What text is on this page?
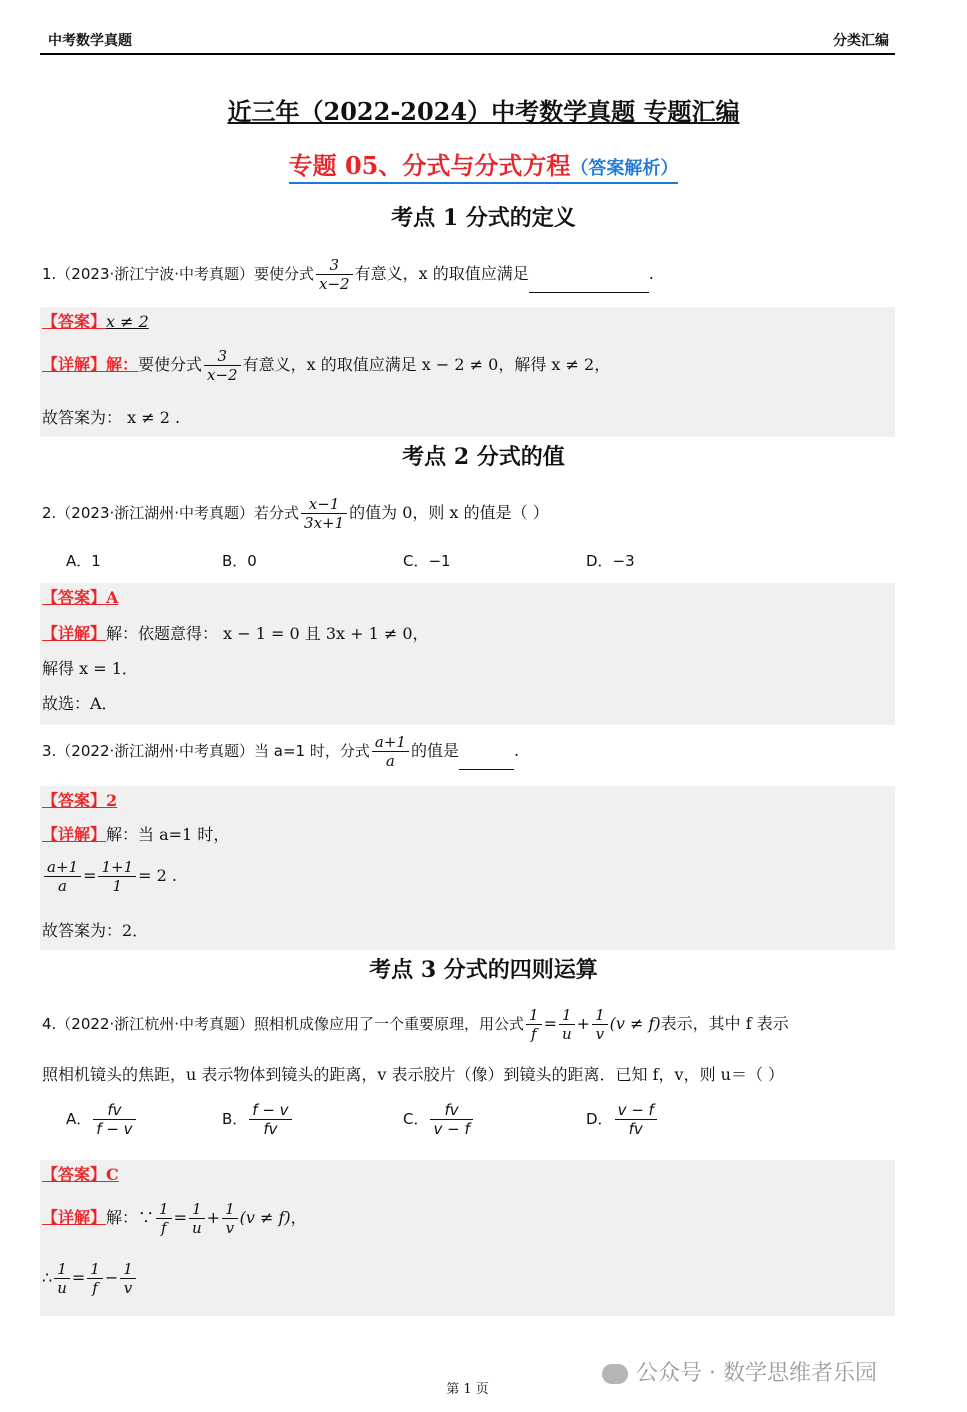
中考数学真题	分类汇编
近三年（2022-2024）中考数学真题 专题汇编
专题 05、分式与分式方程（答案解析）
考点 1 分式的定义
1.（2023·浙江宁波·中考真题）要使分式 $\frac{3}{x-2}$ 有意义，x 的取值应满足	.
【答案】x ≠ 2
【详解】解：要使分式 $\frac{3}{x-2}$ 有意义，x 的取值应满足 x − 2 ≠ 0，解得 x ≠ 2，
故答案为： x ≠ 2 .
考点 2 分式的值
2.（2023·浙江湖州·中考真题）若分式 $\frac{x-1}{3x+1}$ 的值为 0，则 x 的值是（ ）
A．1	B．0	C．−1	D．−3
【答案】A
【详解】解：依题意得： x − 1 = 0 且 3x + 1 ≠ 0，
解得 x = 1．
故选：A．
3.（2022·浙江湖州·中考真题）当 a=1 时，分式 $\frac{a+1}{a}$ 的值是	.
【答案】2
【详解】解：当 a=1 时，
$\frac{a+1}{a} = \frac{1+1}{1} = 2$ .
故答案为：2．
考点 3 分式的四则运算
4.（2022·浙江杭州·中考真题）照相机成像应用了一个重要原理，用公式 $\frac{1}{f} = \frac{1}{u} + \frac{1}{v} (v \ne f)$表示，其中 f 表示
照相机镜头的焦距，u 表示物体到镜头的距离，v 表示胶片（像）到镜头的距离．已知 f，v，则 u＝（ ）
A． $\frac{fv}{f - v}$	B． $\frac{f - v}{fv}$	C． $\frac{fv}{v - f}$	D． $\frac{v - f}{fv}$
【答案】C
【详解】解：∵ $\frac{1}{f} = \frac{1}{u} + \frac{1}{v} (v \ne f)$，
∴ $\frac{1}{u} = \frac{1}{f} - \frac{1}{v}$
第 1 页
公众号 · 数学思维者乐园
